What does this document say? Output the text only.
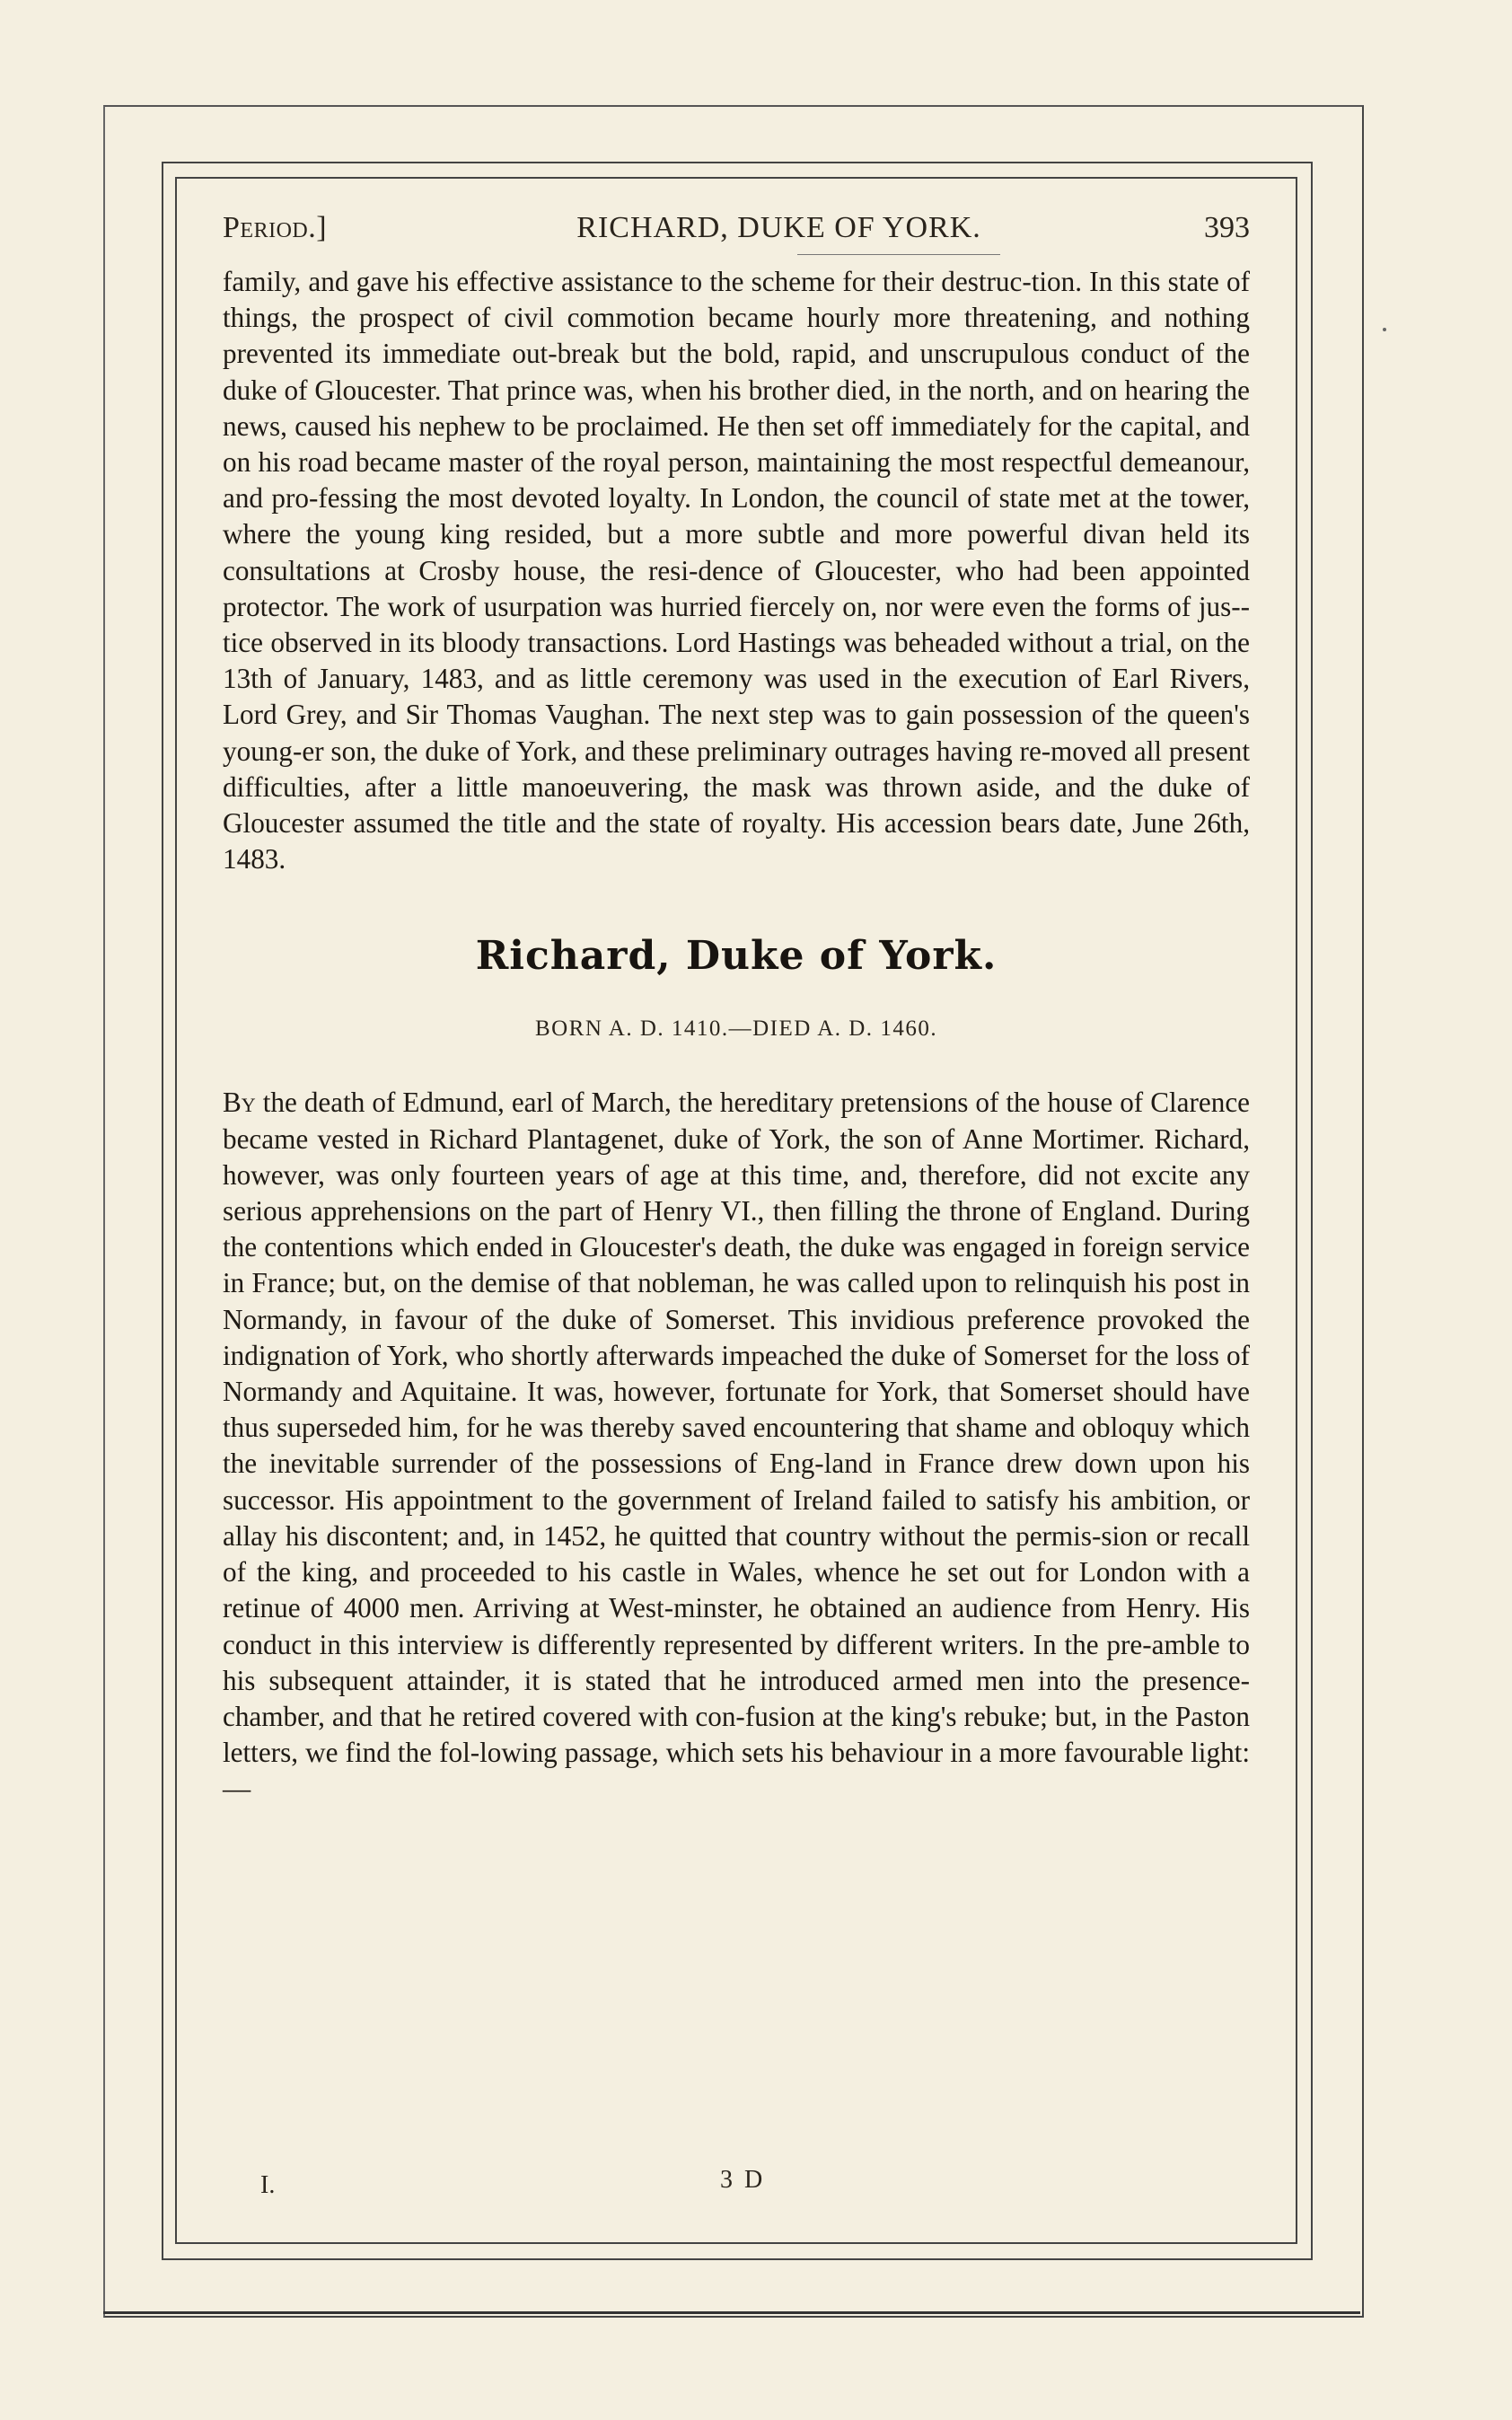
Period.]	RICHARD, DUKE OF YORK.	393

family, and gave his effective assistance to the scheme for their destruc-tion. In this state of things, the prospect of civil commotion became hourly more threatening, and nothing prevented its immediate out-break but the bold, rapid, and unscrupulous conduct of the duke of Gloucester. That prince was, when his brother died, in the north, and on hearing the news, caused his nephew to be proclaimed. He then set off immediately for the capital, and on his road became master of the royal person, maintaining the most respectful demeanour, and pro-fessing the most devoted loyalty. In London, the council of state met at the tower, where the young king resided, but a more subtle and more powerful divan held its consultations at Crosby house, the resi-dence of Gloucester, who had been appointed protector. The work of usurpation was hurried fiercely on, nor were even the forms of jus-tice observed in its bloody transactions. Lord Hastings was beheaded without a trial, on the 13th of January, 1483, and as little ceremony was used in the execution of Earl Rivers, Lord Grey, and Sir Thomas Vaughan. The next step was to gain possession of the queen's young-er son, the duke of York, and these preliminary outrages having re-moved all present difficulties, after a little manoeuvering, the mask was thrown aside, and the duke of Gloucester assumed the title and the state of royalty. His accession bears date, June 26th, 1483.

Richard, Duke of York.
BORN A. D. 1410.—DIED A. D. 1460.

By the death of Edmund, earl of March, the hereditary pretensions of the house of Clarence became vested in Richard Plantagenet, duke of York, the son of Anne Mortimer. Richard, however, was only fourteen years of age at this time, and, therefore, did not excite any serious apprehensions on the part of Henry VI., then filling the throne of England. During the contentions which ended in Gloucester's death, the duke was engaged in foreign service in France; but, on the demise of that nobleman, he was called upon to relinquish his post in Normandy, in favour of the duke of Somerset. This invidious preference provoked the indignation of York, who shortly afterwards impeached the duke of Somerset for the loss of Normandy and Aquitaine. It was, however, fortunate for York, that Somerset should have thus superseded him, for he was thereby saved encountering that shame and obloquy which the inevitable surrender of the possessions of Eng-land in France drew down upon his successor. His appointment to the government of Ireland failed to satisfy his ambition, or allay his discontent; and, in 1452, he quitted that country without the permis-sion or recall of the king, and proceeded to his castle in Wales, whence he set out for London with a retinue of 4000 men. Arriving at West-minster, he obtained an audience from Henry. His conduct in this interview is differently represented by different writers. In the pre-amble to his subsequent attainder, it is stated that he introduced armed men into the presence-chamber, and that he retired covered with con-fusion at the king's rebuke; but, in the Paston letters, we find the fol-lowing passage, which sets his behaviour in a more favourable light:—

I.	3 D
